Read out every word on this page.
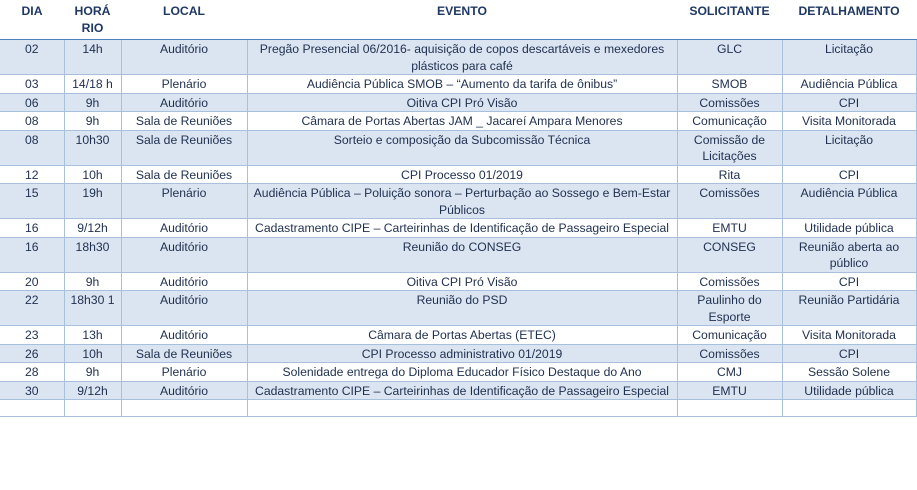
DIA	HORÁ RIO	LOCAL	EVENTO	SOLICITANTE	DETALHAMENTO
02	14h	Auditório	Pregão Presencial 06/2016- aquisição de copos descartáveis e mexedores plásticos para café	GLC	Licitação
03	14/18 h	Plenário	Audiência Pública SMOB – “Aumento da tarifa de ônibus”	SMOB	Audiência Pública
06	9h	Auditório	Oitiva CPI Pró Visão	Comissões	CPI
08	9h	Sala de Reuniões	Câmara de Portas Abertas JAM _ Jacareí Ampara Menores	Comunicação	Visita Monitorada
08	10h30	Sala de Reuniões	Sorteio e composição da Subcomissão Técnica	Comissão de Licitações	Licitação
12	10h	Sala de Reuniões	CPI Processo 01/2019	Rita	CPI
15	19h	Plenário	Audiência Pública – Poluição sonora – Perturbação ao Sossego e Bem-Estar Públicos	Comissões	Audiência Pública
16	9/12h	Auditório	Cadastramento CIPE – Carteirinhas de Identificação de Passageiro Especial	EMTU	Utilidade pública
16	18h30	Auditório	Reunião do CONSEG	CONSEG	Reunião aberta ao público
20	9h	Auditório	Oitiva CPI Pró Visão	Comissões	CPI
22	18h30 1	Auditório	Reunião do PSD	Paulinho do Esporte	Reunião Partidária
23	13h	Auditório	Câmara de Portas Abertas (ETEC)	Comunicação	Visita Monitorada
26	10h	Sala de Reuniões	CPI Processo administrativo 01/2019	Comissões	CPI
28	9h	Plenário	Solenidade entrega do Diploma Educador Físico Destaque do Ano	CMJ	Sessão Solene
30	9/12h	Auditório	Cadastramento CIPE – Carteirinhas de Identificação de Passageiro Especial	EMTU	Utilidade pública
